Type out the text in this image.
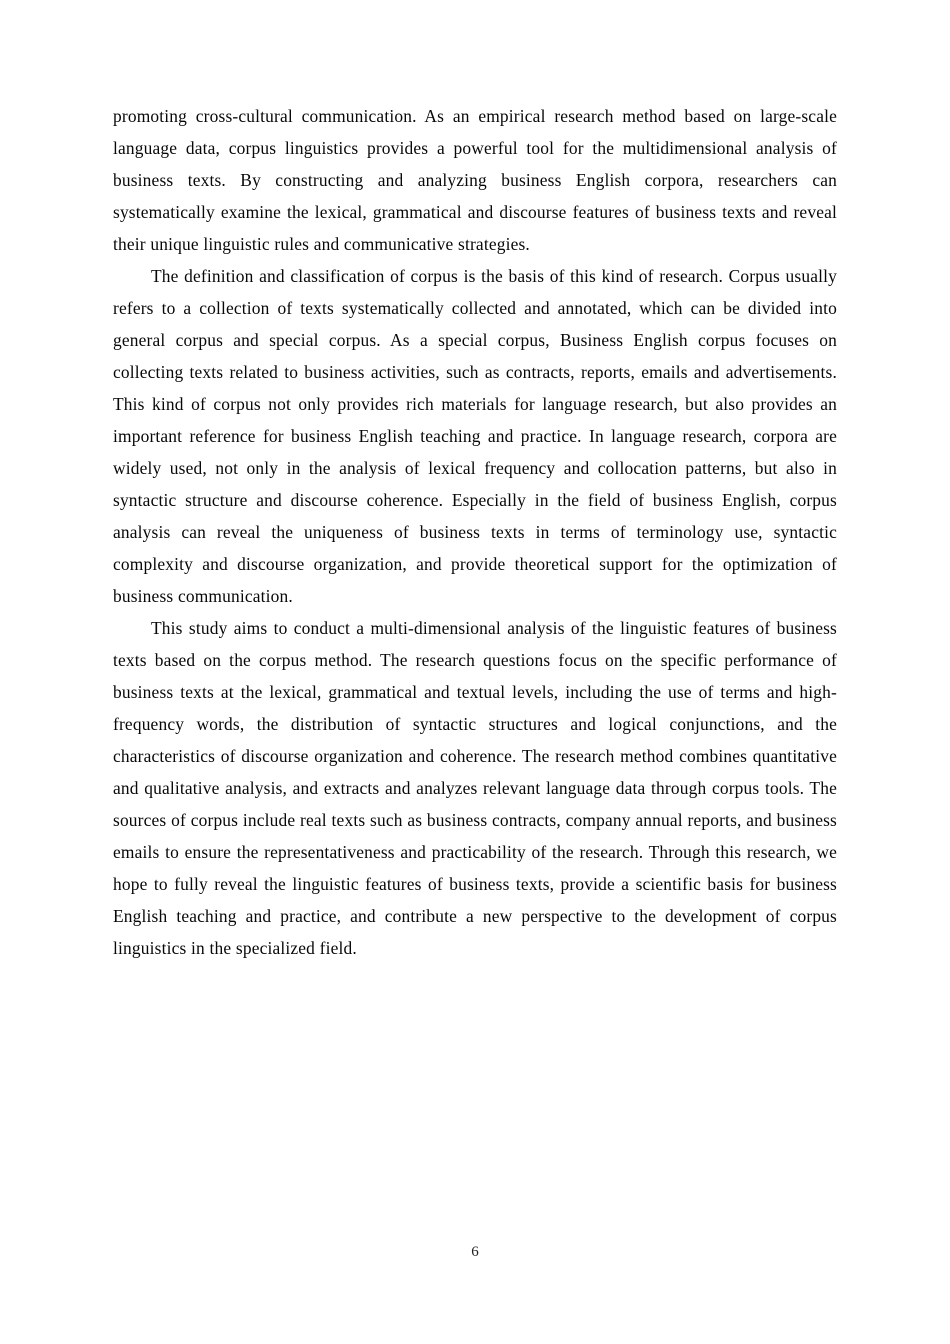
promoting cross-cultural communication. As an empirical research method based on large-scale language data, corpus linguistics provides a powerful tool for the multidimensional analysis of business texts. By constructing and analyzing business English corpora, researchers can systematically examine the lexical, grammatical and discourse features of business texts and reveal their unique linguistic rules and communicative strategies.

The definition and classification of corpus is the basis of this kind of research. Corpus usually refers to a collection of texts systematically collected and annotated, which can be divided into general corpus and special corpus. As a special corpus, Business English corpus focuses on collecting texts related to business activities, such as contracts, reports, emails and advertisements. This kind of corpus not only provides rich materials for language research, but also provides an important reference for business English teaching and practice. In language research, corpora are widely used, not only in the analysis of lexical frequency and collocation patterns, but also in syntactic structure and discourse coherence. Especially in the field of business English, corpus analysis can reveal the uniqueness of business texts in terms of terminology use, syntactic complexity and discourse organization, and provide theoretical support for the optimization of business communication.

This study aims to conduct a multi-dimensional analysis of the linguistic features of business texts based on the corpus method. The research questions focus on the specific performance of business texts at the lexical, grammatical and textual levels, including the use of terms and high-frequency words, the distribution of syntactic structures and logical conjunctions, and the characteristics of discourse organization and coherence. The research method combines quantitative and qualitative analysis, and extracts and analyzes relevant language data through corpus tools. The sources of corpus include real texts such as business contracts, company annual reports, and business emails to ensure the representativeness and practicability of the research. Through this research, we hope to fully reveal the linguistic features of business texts, provide a scientific basis for business English teaching and practice, and contribute a new perspective to the development of corpus linguistics in the specialized field.

6
